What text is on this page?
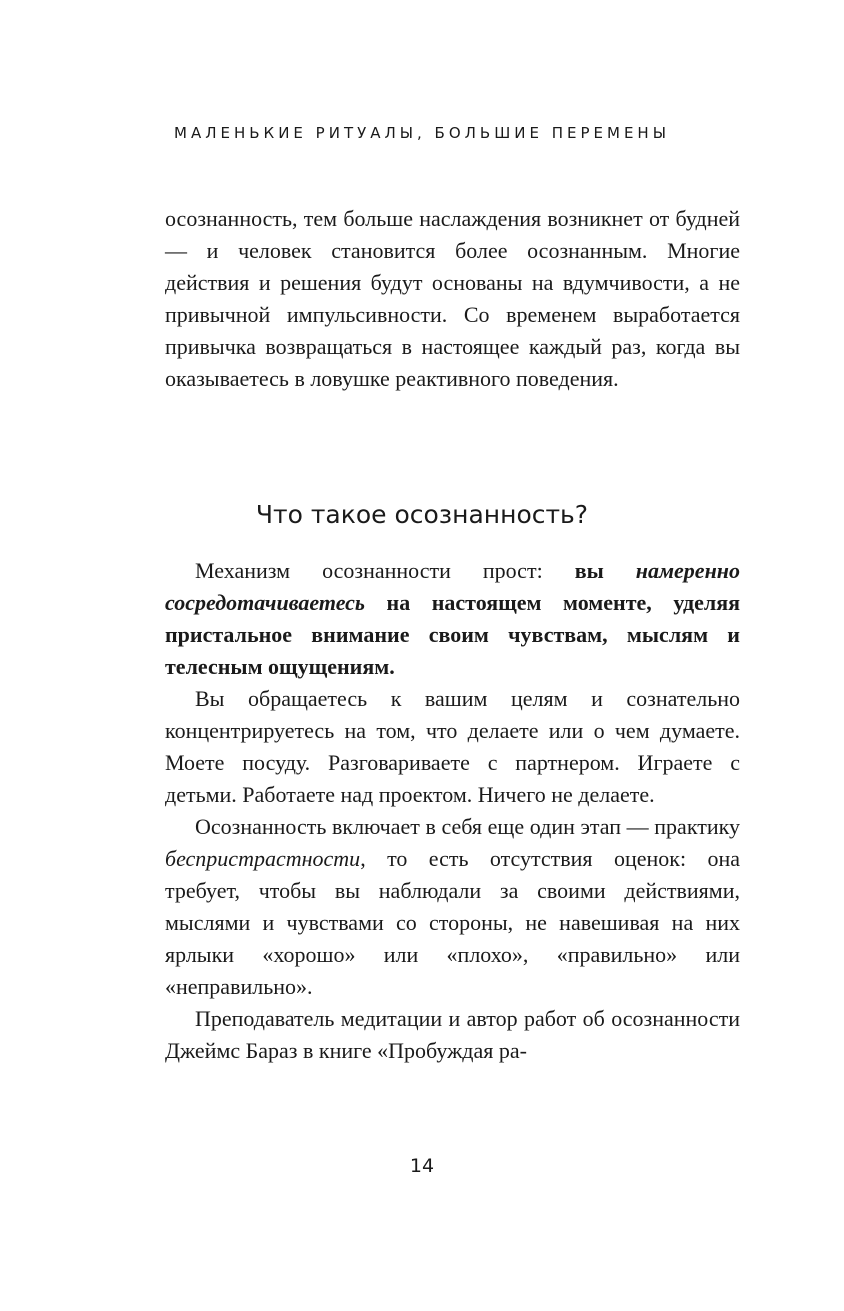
МАЛЕНЬКИЕ РИТУАЛЫ, БОЛЬШИЕ ПЕРЕМЕНЫ

осознанность, тем больше наслаждения возникнет от будней — и человек становится более осознанным. Многие действия и решения будут основаны на вдумчивости, а не привычной импульсивности. Со временем выработается привычка возвращаться в настоящее каждый раз, когда вы оказываетесь в ловушке реактивного поведения.

Что такое осознанность?

Механизм осознанности прост: вы намеренно сосредотачиваетесь на настоящем моменте, уделяя пристальное внимание своим чувствам, мыслям и телесным ощущениям.

Вы обращаетесь к вашим целям и сознательно концентрируетесь на том, что делаете или о чем думаете. Моете посуду. Разговариваете с партнером. Играете с детьми. Работаете над проектом. Ничего не делаете.

Осознанность включает в себя еще один этап — практику беспристрастности, то есть отсутствия оценок: она требует, чтобы вы наблюдали за своими действиями, мыслями и чувствами со стороны, не навешивая на них ярлыки «хорошо» или «плохо», «правильно» или «неправильно».

Преподаватель медитации и автор работ об осознанности Джеймс Бараз в книге «Пробуждая ра-

14
